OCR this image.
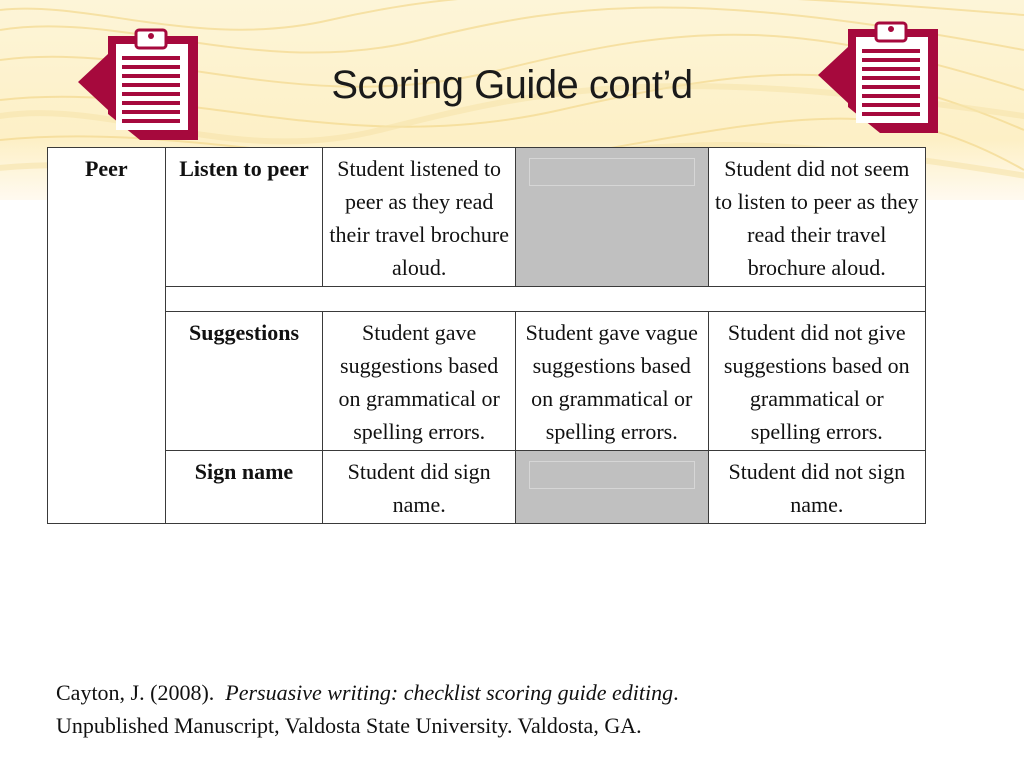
Scoring Guide cont’d
Peer	Listen to peer	Student listened to peer as they read their travel brochure aloud.		Student did not seem to listen to peer as they read their travel brochure aloud.

	Suggestions	Student gave suggestions based on grammatical or spelling errors.	Student gave vague suggestions based on grammatical or spelling errors.	Student did not give suggestions based on grammatical or spelling errors.
	Sign name	Student did sign name.		Student did not sign name.
Cayton, J. (2008). Persuasive writing: checklist scoring guide editing.
Unpublished Manuscript, Valdosta State University. Valdosta, GA.
